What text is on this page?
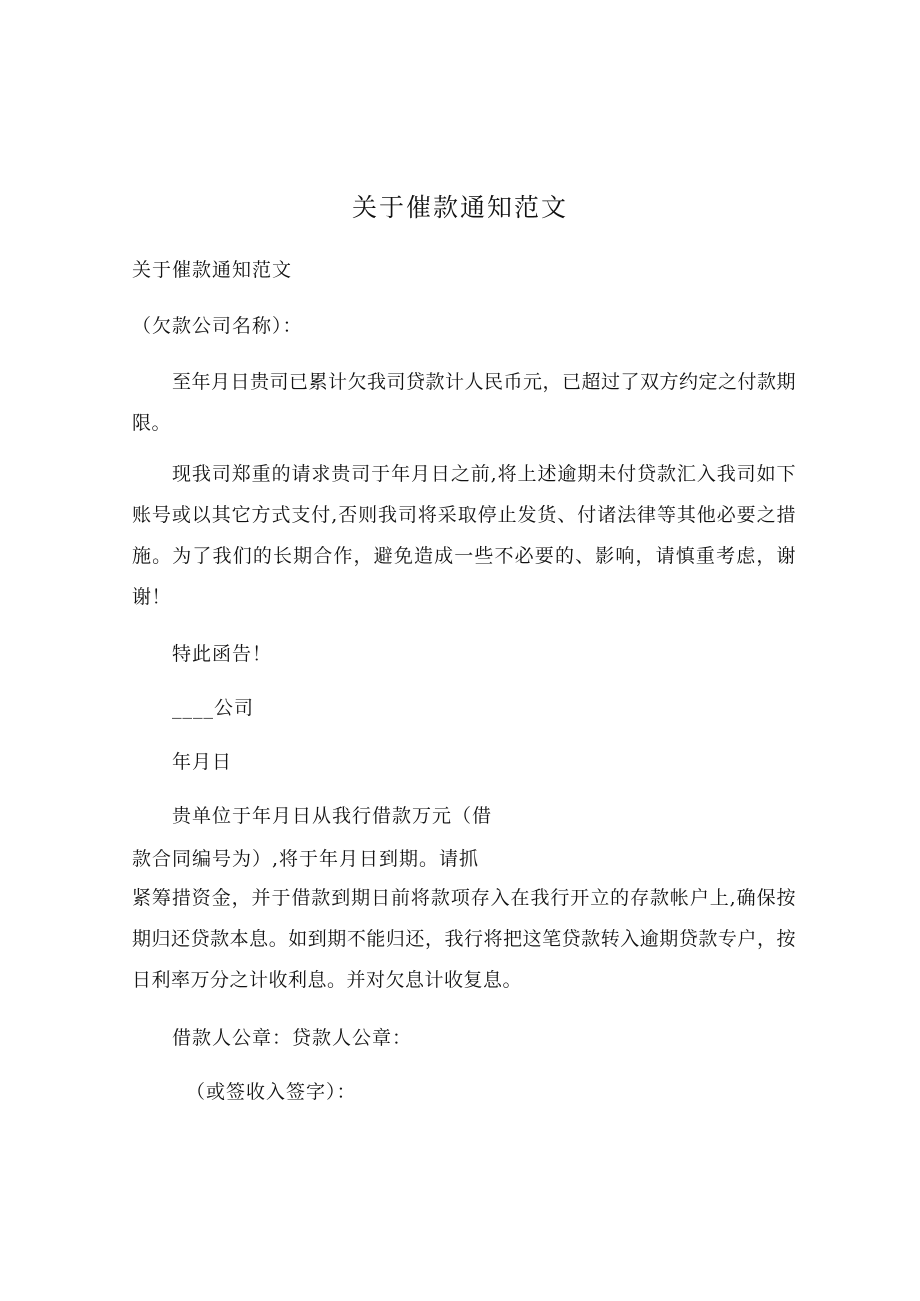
关于催款通知范文
关于催款通知范文
（欠款公司名称）：

至年月日贵司已累计欠我司贷款计人民币元，已超过了双方约定之付款期限。

现我司郑重的请求贵司于年月日之前,将上述逾期未付贷款汇入我司如下账号或以其它方式支付,否则我司将采取停止发货、付诸法律等其他必要之措施。为了我们的长期合作，避免造成一些不必要的、影响，请慎重考虑，谢谢！

特此函告！
____公司
年月日
贵单位于年月日从我行借款万元（借
款合同编号为）,将于年月日到期。请抓

紧筹措资金，并于借款到期日前将款项存入在我行开立的存款帐户上,确保按期归还贷款本息。如到期不能归还，我行将把这笔贷款转入逾期贷款专户，按日利率万分之计收利息。并对欠息计收复息。

借款人公章：贷款人公章：
（或签收入签字）：
